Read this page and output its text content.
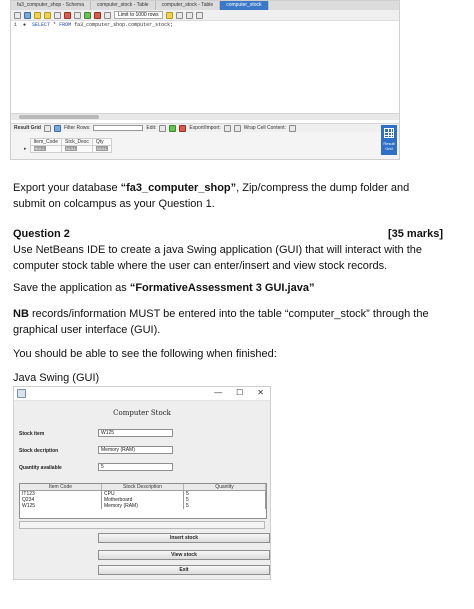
fa3_computer_shop - Schema	computer_stock - Table	computer_stock - Table	computer_stock
Limit to 1000 rows
1  ●  SELECT * FROM fa3_computer_shop.computer_stock;
Result Grid	Filter Rows:	Edit:	Export/Import:	Wrap Cell Content:
	Item_Code	Stck_Desc	Qty
▸	NULL	NULL	NULL
Result Grid
Export your database “fa3_computer_shop”, Zip/compress the dump folder and submit on colcampus as your Question 1.
Question 2	[35 marks]
Use NetBeans IDE to create a java Swing application (GUI) that will interact with the computer stock table where the user can enter/insert and view stock records.
Save the application as “FormativeAssessment 3 GUI.java”
NB records/information MUST be entered into the table “computer_stock” through the graphical user interface (GUI).
You should be able to see the following when finished:
Java Swing (GUI)
— ☐ ✕
Computer Stock
Stock item	W125
Stock decription	Memory (RAM)
Quantity available	5
Item Code	Stock Description	Quantity
IT123	CPU	5
Q234	Motherboard	5
W125	Memory (RAM)	5
Insert stock
View stock
Exit
